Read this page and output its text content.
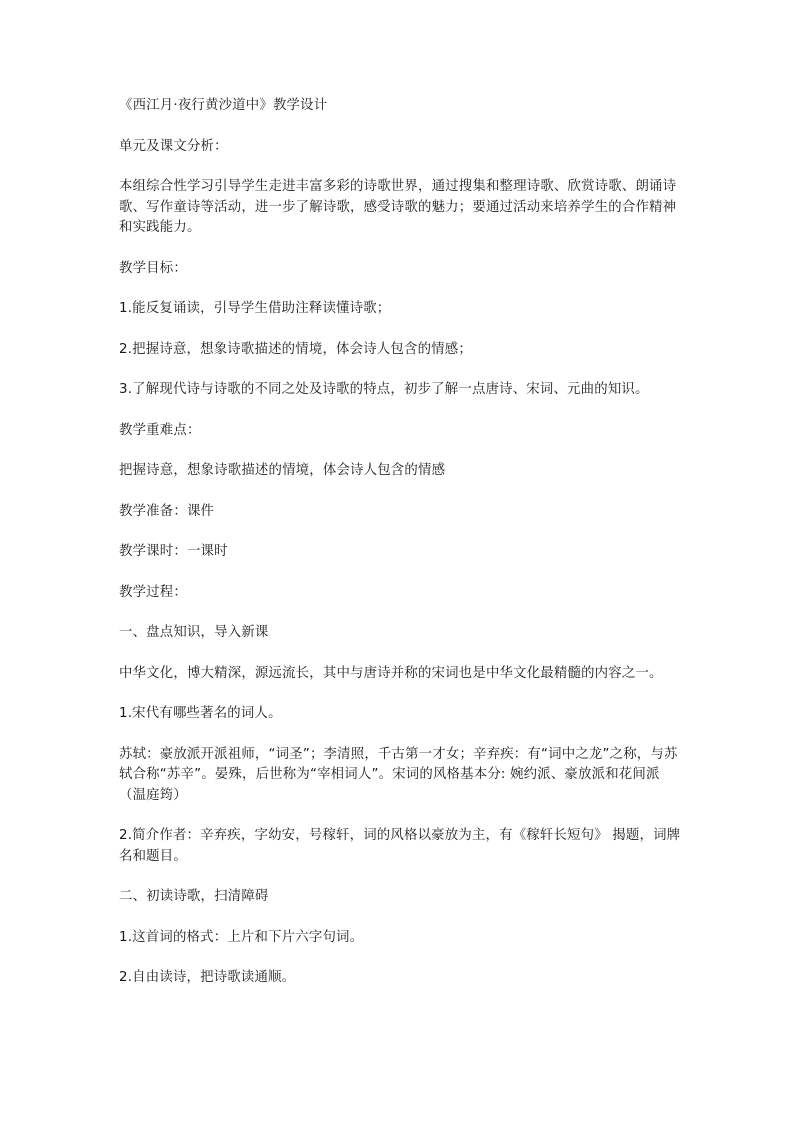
《西江月·夜行黄沙道中》教学设计

单元及课文分析：

本组综合性学习引导学生走进丰富多彩的诗歌世界，通过搜集和整理诗歌、欣赏诗歌、朗诵诗歌、写作童诗等活动，进一步了解诗歌，感受诗歌的魅力；要通过活动来培养学生的合作精神和实践能力。

教学目标：

1.能反复诵读，引导学生借助注释读懂诗歌；

2.把握诗意，想象诗歌描述的情境，体会诗人包含的情感；

3.了解现代诗与诗歌的不同之处及诗歌的特点，初步了解一点唐诗、宋词、元曲的知识。

教学重难点：

把握诗意，想象诗歌描述的情境，体会诗人包含的情感

教学准备：课件

教学课时：一课时

教学过程：

一、盘点知识，导入新课

中华文化，博大精深，源远流长，其中与唐诗并称的宋词也是中华文化最精髓的内容之一。

1.宋代有哪些著名的词人。

苏轼：豪放派开派祖师，“词圣”；李清照，千古第一才女；辛弃疾：有“词中之龙”之称，与苏轼合称“苏辛”。晏殊，后世称为“宰相词人”。宋词的风格基本分: 婉约派、豪放派和花间派（温庭筠）

2.简介作者：辛弃疾，字幼安，号稼轩，词的风格以豪放为主，有《稼轩长短句》 揭题，词牌名和题目。

二、初读诗歌，扫清障碍

1.这首词的格式：上片和下片六字句词。

2.自由读诗，把诗歌读通顺。
